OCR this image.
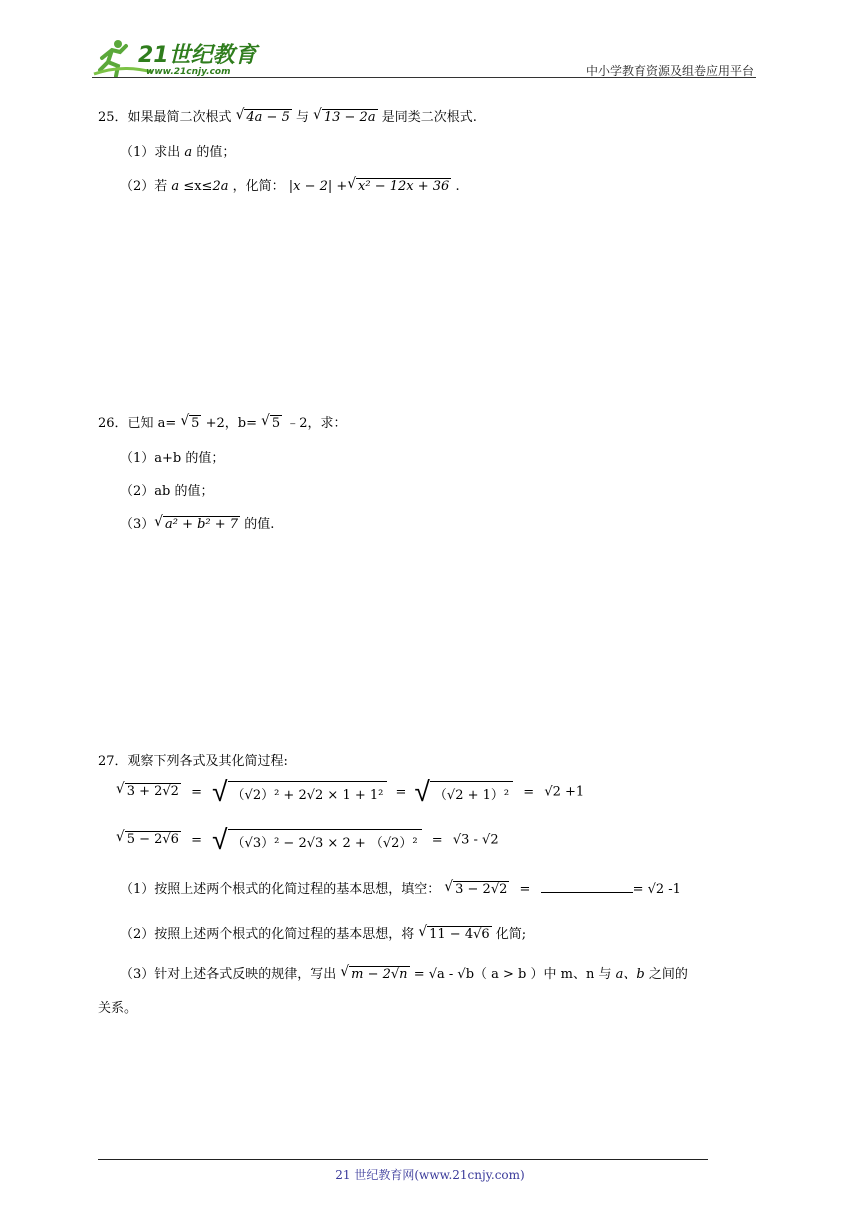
21世纪教育
www.21cnjy.com	中小学教育资源及组卷应用平台
25．如果最简二次根式 √ 4a − 5 与 √ 13 − 2a 是同类二次根式.
（1）求出 a 的值；
（2）若 a ≤x≤2a ，化简： |x − 2| + √ x² − 12x + 36 .
26．已知 a= √ 5 +2，b= √ 5 ﹣2，求：
（1）a+b 的值；
（2）ab 的值；
（3） √ a² + b² + 7 的值.
27．观察下列各式及其化简过程:
√ 3 + 2√2 = √ （√2）² + 2√2 × 1 + 1² = √ （√2 + 1）²	= √2 +1
√ 5 − 2√6 = √ （√3）² − 2√3 × 2 + （√2）²	= √3 - √2
（1）按照上述两个根式的化简过程的基本思想，填空： √ 3 − 2√2 =	= √2 -1
（2）按照上述两个根式的化简过程的基本思想，将 √ 11 − 4√6 化简;
（3）针对上述各式反映的规律，写出 √ m − 2√n = √a - √b（ a > b ）中 m、n 与 a、b 之间的
关系。
21 世纪教育网(www.21cnjy.com)
